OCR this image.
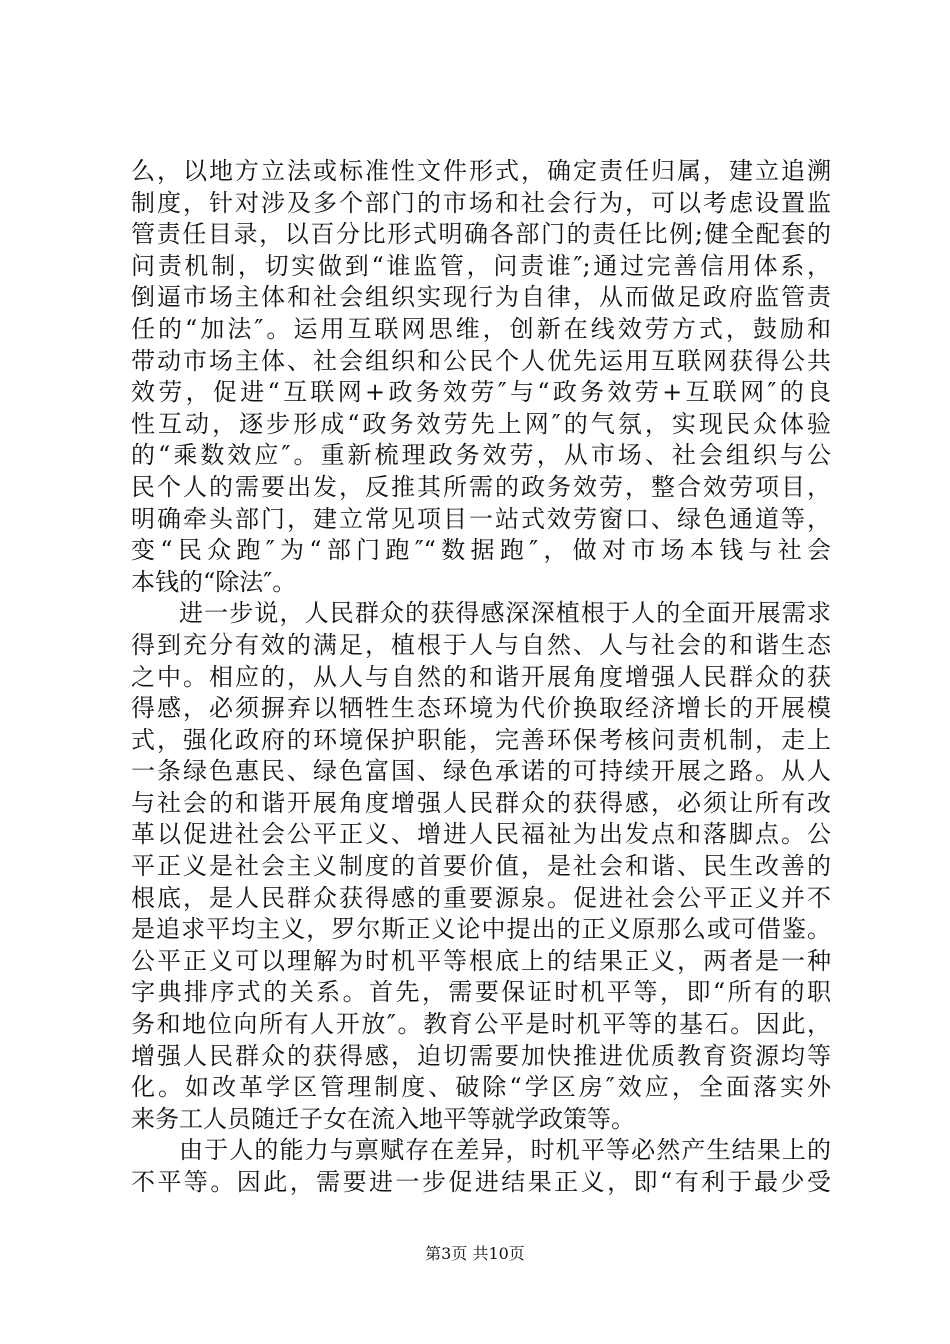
么，以地方立法或标准性文件形式，确定责任归属，建立追溯
制度，针对涉及多个部门的市场和社会行为，可以考虑设置监
管责任目录，以百分比形式明确各部门的责任比例;健全配套的
问责机制，切实做到“谁监管，问责谁″;通过完善信用体系，
倒逼市场主体和社会组织实现行为自律，从而做足政府监管责
任的“加法″。运用互联网思维，创新在线效劳方式，鼓励和
带动市场主体、社会组织和公民个人优先运用互联网获得公共
效劳，促进“互联网+政务效劳″与“政务效劳+互联网″的良
性互动，逐步形成“政务效劳先上网″的气氛，实现民众体验
的“乘数效应″。重新梳理政务效劳，从市场、社会组织与公
民个人的需要出发，反推其所需的政务效劳，整合效劳项目，
明确牵头部门，建立常见项目一站式效劳窗口、绿色通道等，
变“民众跑″为“部门跑″“数据跑″，做对市场本钱与社会
本钱的“除法″。
进一步说，人民群众的获得感深深植根于人的全面开展需求
得到充分有效的满足，植根于人与自然、人与社会的和谐生态
之中。相应的，从人与自然的和谐开展角度增强人民群众的获
得感，必须摒弃以牺牲生态环境为代价换取经济增长的开展模
式，强化政府的环境保护职能，完善环保考核问责机制，走上
一条绿色惠民、绿色富国、绿色承诺的可持续开展之路。从人
与社会的和谐开展角度增强人民群众的获得感，必须让所有改
革以促进社会公平正义、增进人民福祉为出发点和落脚点。公
平正义是社会主义制度的首要价值，是社会和谐、民生改善的
根底，是人民群众获得感的重要源泉。促进社会公平正义并不
是追求平均主义，罗尔斯正义论中提出的正义原那么或可借鉴。
公平正义可以理解为时机平等根底上的结果正义，两者是一种
字典排序式的关系。首先，需要保证时机平等，即“所有的职
务和地位向所有人开放″。教育公平是时机平等的基石。因此，
增强人民群众的获得感，迫切需要加快推进优质教育资源均等
化。如改革学区管理制度、破除“学区房″效应，全面落实外
来务工人员随迁子女在流入地平等就学政策等。
由于人的能力与禀赋存在差异，时机平等必然产生结果上的
不平等。因此，需要进一步促进结果正义，即“有利于最少受
第3页 共10页
